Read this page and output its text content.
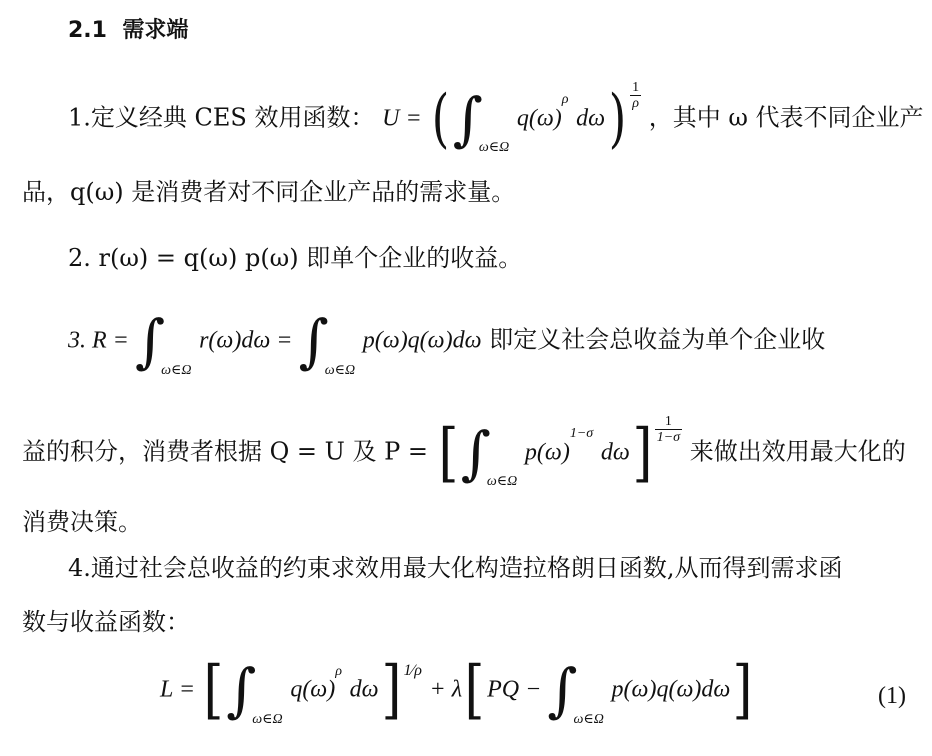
2.1 需求端
1.定义经典 CES 效用函数： U = (∫ω∈Ω q(ω)ρ $d\omega) \frac{1}{\rho}$
，其中 ω 代表不同企业产
品，q(ω) 是消费者对不同企业产品的需求量。
2. r(ω) = q(ω) p(ω) 即单个企业的收益。
3. R = ∫ω∈Ω r(ω)dω = ∫ω∈Ω p(ω)q(ω)dω 即定义社会总收益为单个企业收
益的积分，消费者根据 Q = U 及 P = [∫ω∈Ω p(ω)1−σ $d\omega] \frac{1}{1-\sigma}$
来做出效用最大化的
消费决策。
4.通过社会总收益的约束求效用最大化构造拉格朗日函数,从而得到需求函
数与收益函数：
L = [∫ω∈Ω q(ω)ρ dω] 1⁄ρ + λ[ PQ − ∫ω∈Ω p(ω)q(ω)dω]	(1)
